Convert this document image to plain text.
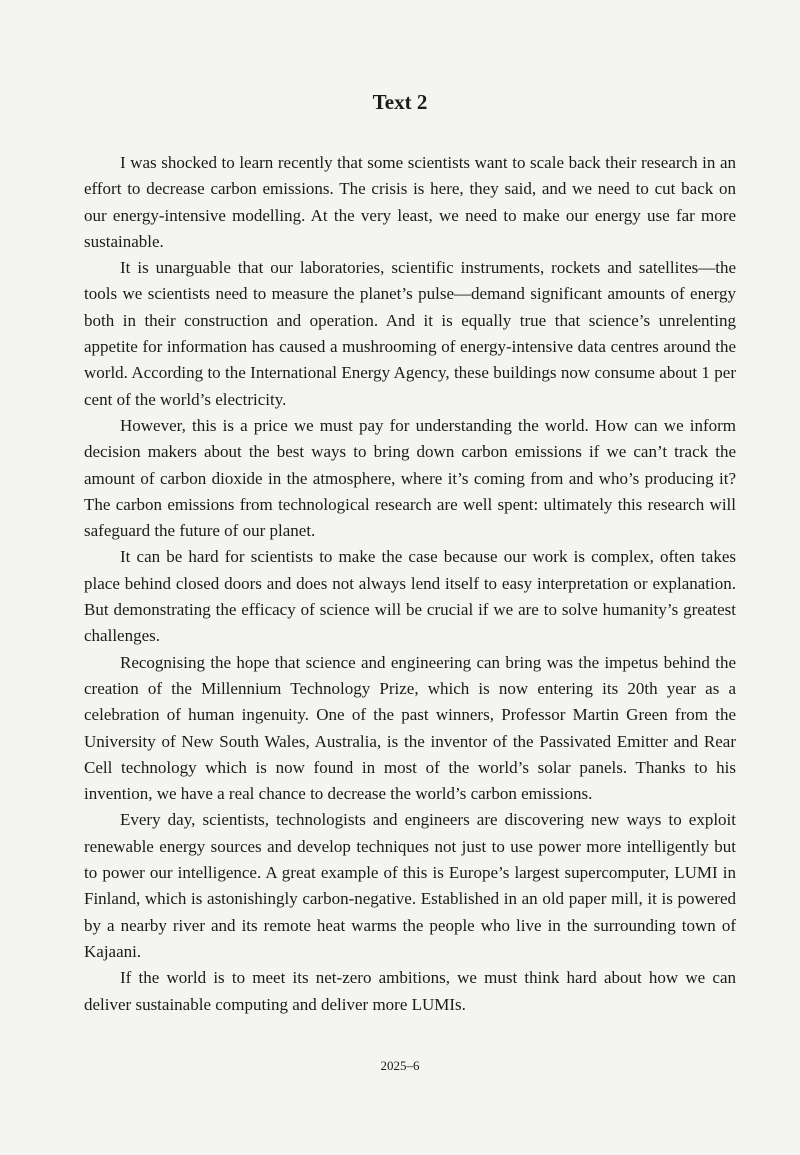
Text 2

I was shocked to learn recently that some scientists want to scale back their research in an effort to decrease carbon emissions. The crisis is here, they said, and we need to cut back on our energy-intensive modelling. At the very least, we need to make our energy use far more sustainable.

It is unarguable that our laboratories, scientific instruments, rockets and satellites—the tools we scientists need to measure the planet’s pulse—demand significant amounts of energy both in their construction and operation. And it is equally true that science’s unrelenting appetite for information has caused a mushrooming of energy-intensive data centres around the world. According to the International Energy Agency, these buildings now consume about 1 per cent of the world’s electricity.

However, this is a price we must pay for understanding the world. How can we inform decision makers about the best ways to bring down carbon emissions if we can’t track the amount of carbon dioxide in the atmosphere, where it’s coming from and who’s producing it? The carbon emissions from technological research are well spent: ultimately this research will safeguard the future of our planet.

It can be hard for scientists to make the case because our work is complex, often takes place behind closed doors and does not always lend itself to easy interpretation or explanation. But demonstrating the efficacy of science will be crucial if we are to solve humanity’s greatest challenges.

Recognising the hope that science and engineering can bring was the impetus behind the creation of the Millennium Technology Prize, which is now entering its 20th year as a celebration of human ingenuity. One of the past winners, Professor Martin Green from the University of New South Wales, Australia, is the inventor of the Passivated Emitter and Rear Cell technology which is now found in most of the world’s solar panels. Thanks to his invention, we have a real chance to decrease the world’s carbon emissions.

Every day, scientists, technologists and engineers are discovering new ways to exploit renewable energy sources and develop techniques not just to use power more intelligently but to power our intelligence. A great example of this is Europe’s largest supercomputer, LUMI in Finland, which is astonishingly carbon-negative. Established in an old paper mill, it is powered by a nearby river and its remote heat warms the people who live in the surrounding town of Kajaani.

If the world is to meet its net-zero ambitions, we must think hard about how we can deliver sustainable computing and deliver more LUMIs.

2025–6
